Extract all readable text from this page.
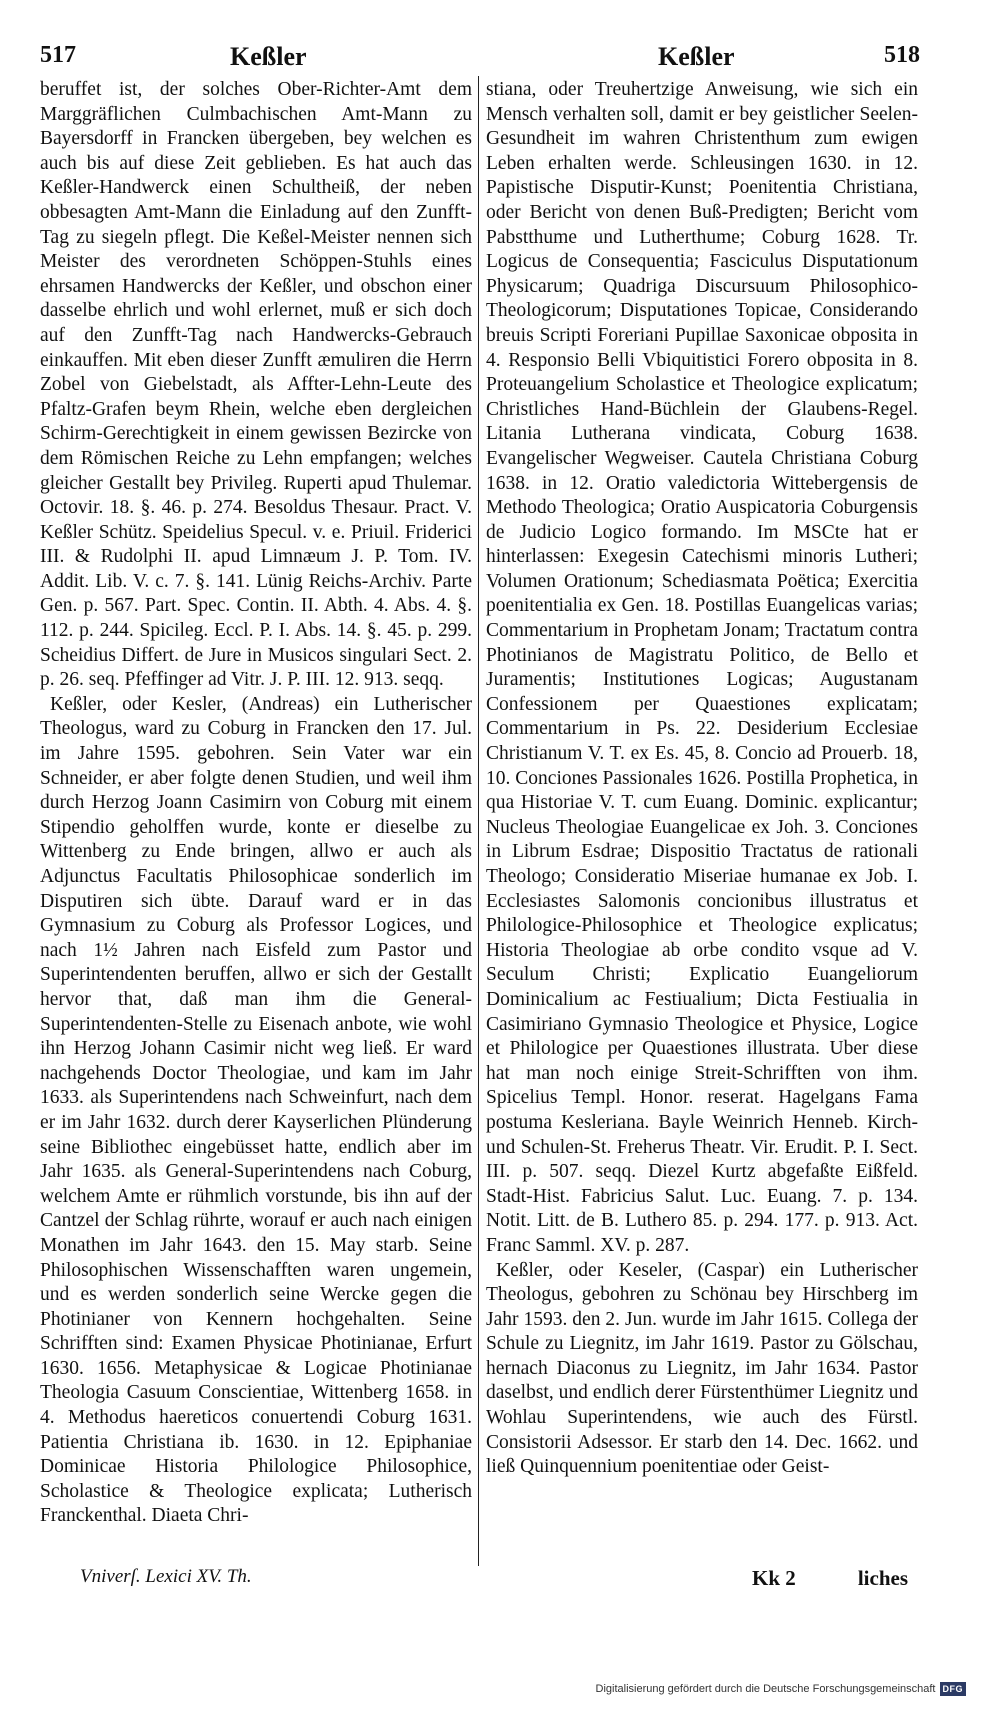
517	Keßler	Keßler	518

beruffet ist, der solches Ober-Richter-Amt dem Marggräflichen Culmbachischen Amt-Mann zu Bayersdorff in Francken übergeben, bey welchen es auch bis auf diese Zeit geblieben. Es hat auch das Keßler-Handwerck einen Schultheiß, der neben obbesagten Amt-Mann die Einladung auf den Zunfft-Tag zu siegeln pflegt. Die Keßel-Meister nennen sich Meister des verordneten Schöppen-Stuhls eines ehrsamen Handwercks der Keßler, und obschon einer dasselbe ehrlich und wohl erlernet, muß er sich doch auf den Zunfft-Tag nach Handwercks-Gebrauch einkauffen. Mit eben dieser Zunfft æmuliren die Herrn Zobel von Giebelstadt, als Affter-Lehn-Leute des Pfaltz-Grafen beym Rhein, welche eben dergleichen Schirm-Gerechtigkeit in einem gewissen Bezircke von dem Römischen Reiche zu Lehn empfangen; welches gleicher Gestallt bey Privileg. Ruperti apud Thulemar. Octovir. 18. §. 46. p. 274. Besoldus Thesaur. Pract. V. Keßler Schütz. Speidelius Specul. v. e. Priuil. Friderici III. & Rudolphi II. apud Limnæum J. P. Tom. IV. Addit. Lib. V. c. 7. §. 141. Lünig Reichs-Archiv. Parte Gen. p. 567. Part. Spec. Contin. II. Abth. 4. Abs. 4. §. 112. p. 244. Spicileg. Eccl. P. I. Abs. 14. §. 45. p. 299. Scheidius Differt. de Jure in Musicos singulari Sect. 2. p. 26. seq. Pfeffinger ad Vitr. J. P. III. 12. 913. seqq.

Keßler, oder Kesler, (Andreas) ein Lutherischer Theologus, ward zu Coburg in Francken den 17. Jul. im Jahre 1595. gebohren. Sein Vater war ein Schneider, er aber folgte denen Studien, und weil ihm durch Herzog Joann Casimirn von Coburg mit einem Stipendio geholffen wurde, konte er dieselbe zu Wittenberg zu Ende bringen, allwo er auch als Adjunctus Facultatis Philosophicae sonderlich im Disputiren sich übte. Darauf ward er in das Gymnasium zu Coburg als Professor Logices, und nach 1½ Jahren nach Eisfeld zum Pastor und Superintendenten beruffen, allwo er sich der Gestallt hervor that, daß man ihm die General-Superintendenten-Stelle zu Eisenach anbote, wie wohl ihn Herzog Johann Casimir nicht weg ließ. Er ward nachgehends Doctor Theologiae, und kam im Jahr 1633. als Superintendens nach Schweinfurt, nach dem er im Jahr 1632. durch derer Kayserlichen Plünderung seine Bibliothec eingebüsset hatte, endlich aber im Jahr 1635. als General-Superintendens nach Coburg, welchem Amte er rühmlich vorstunde, bis ihn auf der Cantzel der Schlag rührte, worauf er auch nach einigen Monathen im Jahr 1643. den 15. May starb. Seine Philosophischen Wissenschafften waren ungemein, und es werden sonderlich seine Wercke gegen die Photinianer von Kennern hochgehalten. Seine Schrifften sind: Examen Physicae Photinianae, Erfurt 1630. 1656. Metaphysicae & Logicae Photinianae Theologia Casuum Conscientiae, Wittenberg 1658. in 4. Methodus haereticos conuertendi Coburg 1631. Patientia Christiana ib. 1630. in 12. Epiphaniae Dominicae Historia Philologice Philosophice, Scholastice & Theologice explicata; Lutherisch Franckenthal. Diaeta Chri-

stiana, oder Treuhertzige Anweisung, wie sich ein Mensch verhalten soll, damit er bey geistlicher Seelen-Gesundheit im wahren Christenthum zum ewigen Leben erhalten werde. Schleusingen 1630. in 12. Papistische Disputir-Kunst; Poenitentia Christiana, oder Bericht von denen Buß-Predigten; Bericht vom Pabstthume und Lutherthume; Coburg 1628. Tr. Logicus de Consequentia; Fasciculus Disputationum Physicarum; Quadriga Discursuum Philosophico-Theologicorum; Disputationes Topicae, Considerando breuis Scripti Foreriani Pupillae Saxonicae obposita in 4. Responsio Belli Vbiquitistici Forero obposita in 8. Proteuangelium Scholastice et Theologice explicatum; Christliches Hand-Büchlein der Glaubens-Regel. Litania Lutherana vindicata, Coburg 1638. Evangelischer Wegweiser. Cautela Christiana Coburg 1638. in 12. Oratio valedictoria Wittebergensis de Methodo Theologica; Oratio Auspicatoria Coburgensis de Judicio Logico formando. Im MSCte hat er hinterlassen: Exegesin Catechismi minoris Lutheri; Volumen Orationum; Schediasmata Poëtica; Exercitia poenitentialia ex Gen. 18. Postillas Euangelicas varias; Commentarium in Prophetam Jonam; Tractatum contra Photinianos de Magistratu Politico, de Bello et Juramentis; Institutiones Logicas; Augustanam Confessionem per Quaestiones explicatam; Commentarium in Ps. 22. Desiderium Ecclesiae Christianum V. T. ex Es. 45, 8. Concio ad Prouerb. 18, 10. Conciones Passionales 1626. Postilla Prophetica, in qua Historiae V. T. cum Euang. Dominic. explicantur; Nucleus Theologiae Euangelicae ex Joh. 3. Conciones in Librum Esdrae; Dispositio Tractatus de rationali Theologo; Consideratio Miseriae humanae ex Job. I. Ecclesiastes Salomonis concionibus illustratus et Philologice-Philosophice et Theologice explicatus; Historia Theologiae ab orbe condito vsque ad V. Seculum Christi; Explicatio Euangeliorum Dominicalium ac Festiualium; Dicta Festiualia in Casimiriano Gymnasio Theologice et Physice, Logice et Philologice per Quaestiones illustrata. Uber diese hat man noch einige Streit-Schrifften von ihm. Spicelius Templ. Honor. reserat. Hagelgans Fama postuma Kesleriana. Bayle Weinrich Henneb. Kirch- und Schulen-St. Freherus Theatr. Vir. Erudit. P. I. Sect. III. p. 507. seqq. Diezel Kurtz abgefaßte Eißfeld. Stadt-Hist. Fabricius Salut. Luc. Euang. 7. p. 134. Notit. Litt. de B. Luthero 85. p. 294. 177. p. 913. Act. Franc Samml. XV. p. 287.

Keßler, oder Keseler, (Caspar) ein Lutherischer Theologus, gebohren zu Schönau bey Hirschberg im Jahr 1593. den 2. Jun. wurde im Jahr 1615. Collega der Schule zu Liegnitz, im Jahr 1619. Pastor zu Gölschau, hernach Diaconus zu Liegnitz, im Jahr 1634. Pastor daselbst, und endlich derer Fürstenthümer Liegnitz und Wohlau Superintendens, wie auch des Fürstl. Consistorii Adsessor. Er starb den 14. Dec. 1662. und ließ Quinquennium poenitentiae oder Geist-

Vniverſ. Lexici XV. Th.	Kk 2	liches
Digitalisierung gefördert durch die Deutsche Forschungsgemeinschaft DFG
